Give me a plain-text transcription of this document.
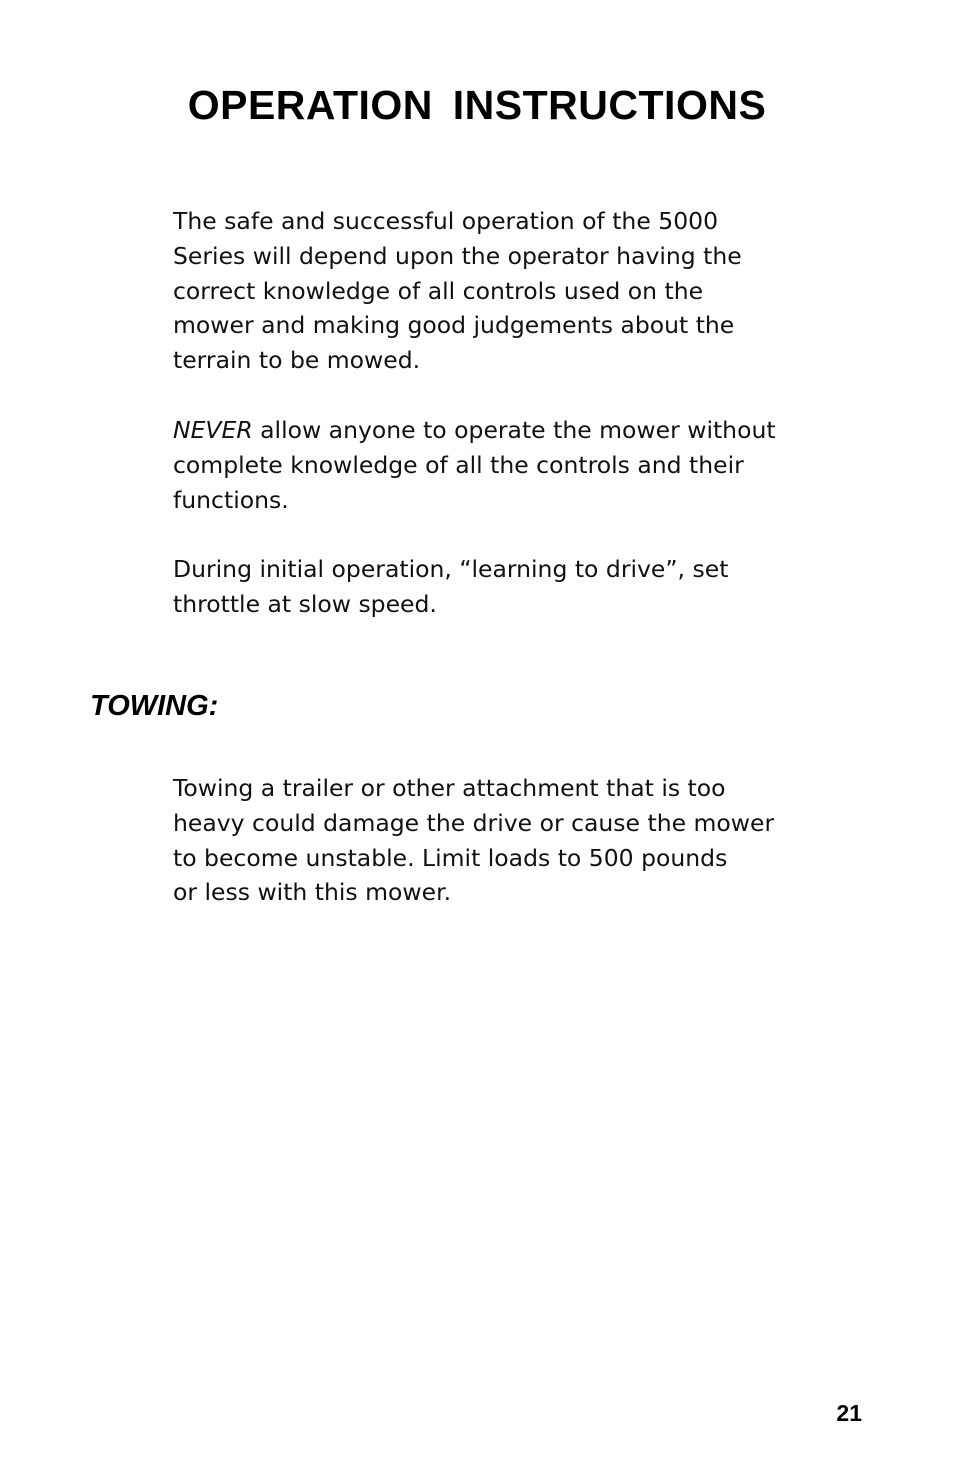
OPERATION INSTRUCTIONS

The safe and successful operation of the 5000
Series will depend upon the operator having the
correct knowledge of all controls used on the
mower and making good judgements about the
terrain to be mowed.

NEVER allow anyone to operate the mower without
complete knowledge of all the controls and their
functions.

During initial operation, “learning to drive”, set
throttle at slow speed.

TOWING:

Towing a trailer or other attachment that is too
heavy could damage the drive or cause the mower
to become unstable. Limit loads to 500 pounds
or less with this mower.

21
